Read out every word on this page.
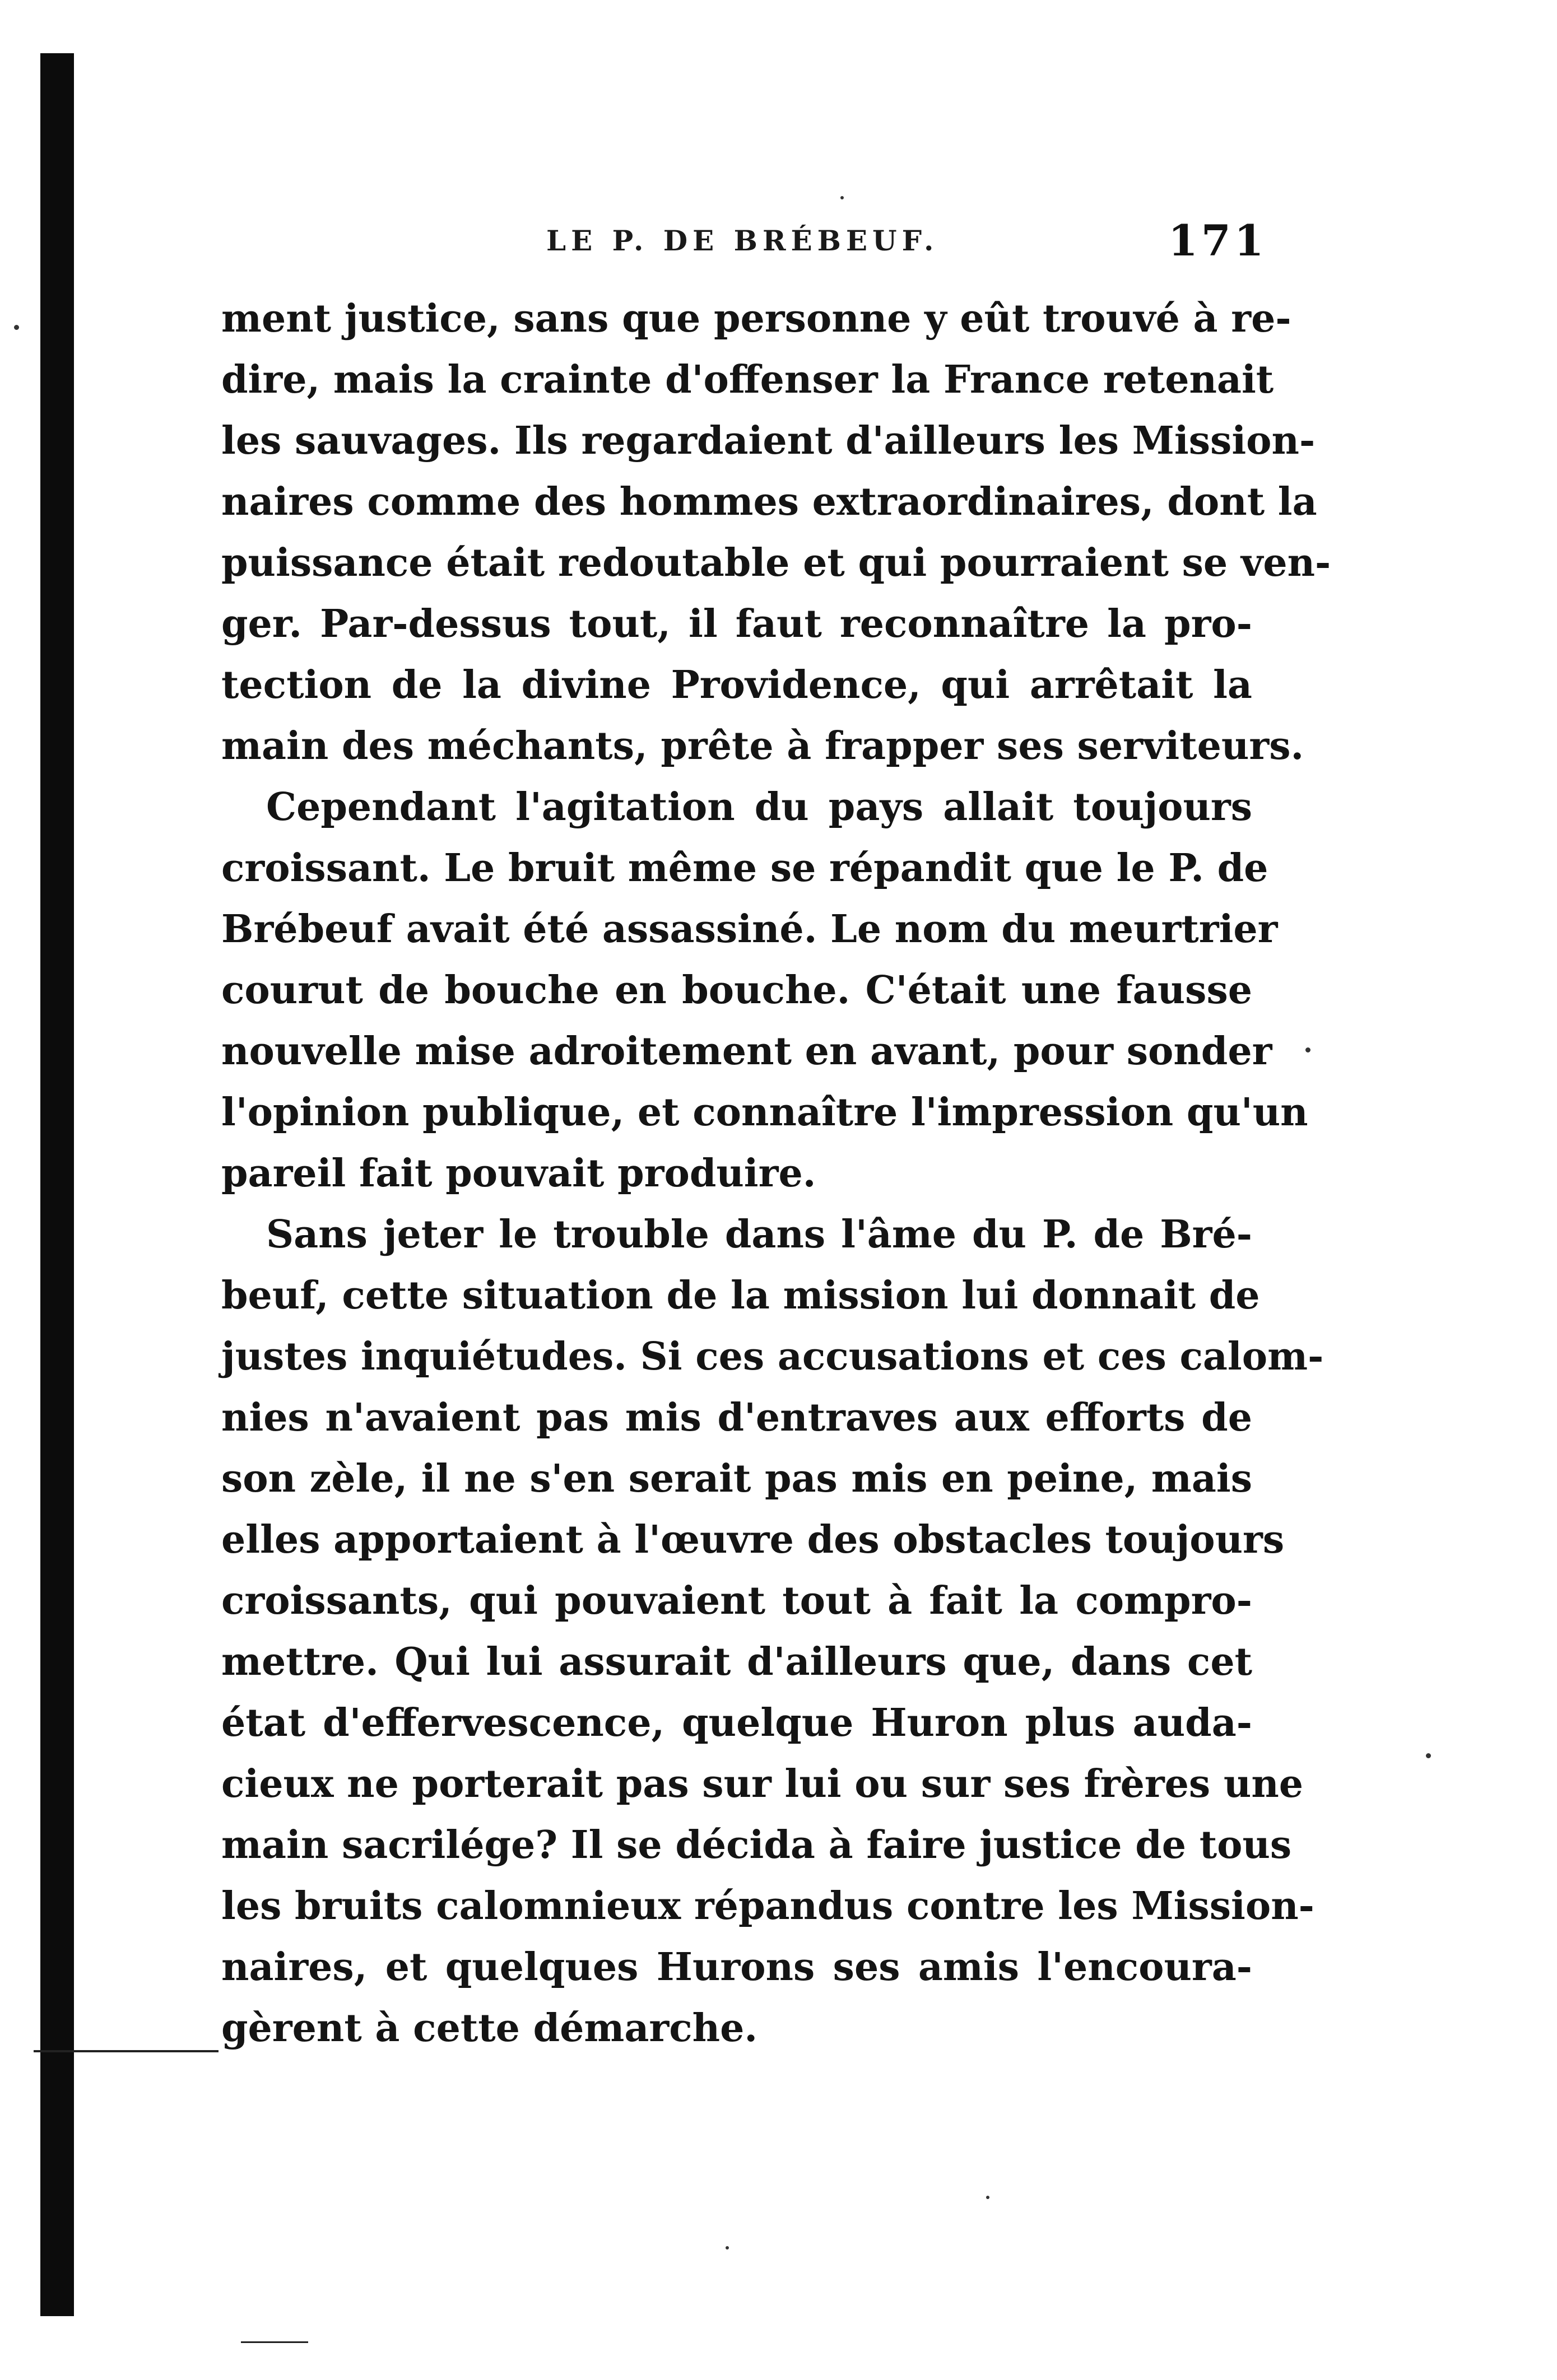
LE P. DE BRÉBEUF.	171
ment justice, sans que personne y eût trouvé à re-
dire, mais la crainte d'offenser la France retenait
les sauvages. Ils regardaient d'ailleurs les Mission-
naires comme des hommes extraordinaires, dont la
puissance était redoutable et qui pourraient se ven-
ger. Par-dessus tout, il faut reconnaître la pro-
tection de la divine Providence, qui arrêtait la
main des méchants, prête à frapper ses serviteurs.
Cependant l'agitation du pays allait toujours
croissant. Le bruit même se répandit que le P. de
Brébeuf avait été assassiné. Le nom du meurtrier
courut de bouche en bouche. C'était une fausse
nouvelle mise adroitement en avant, pour sonder
l'opinion publique, et connaître l'impression qu'un
pareil fait pouvait produire.
Sans jeter le trouble dans l'âme du P. de Bré-
beuf, cette situation de la mission lui donnait de
justes inquiétudes. Si ces accusations et ces calom-
nies n'avaient pas mis d'entraves aux efforts de
son zèle, il ne s'en serait pas mis en peine, mais
elles apportaient à l'œuvre des obstacles toujours
croissants, qui pouvaient tout à fait la compro-
mettre. Qui lui assurait d'ailleurs que, dans cet
état d'effervescence, quelque Huron plus auda-
cieux ne porterait pas sur lui ou sur ses frères une
main sacrilége? Il se décida à faire justice de tous
les bruits calomnieux répandus contre les Mission-
naires, et quelques Hurons ses amis l'encoura-
gèrent à cette démarche.
